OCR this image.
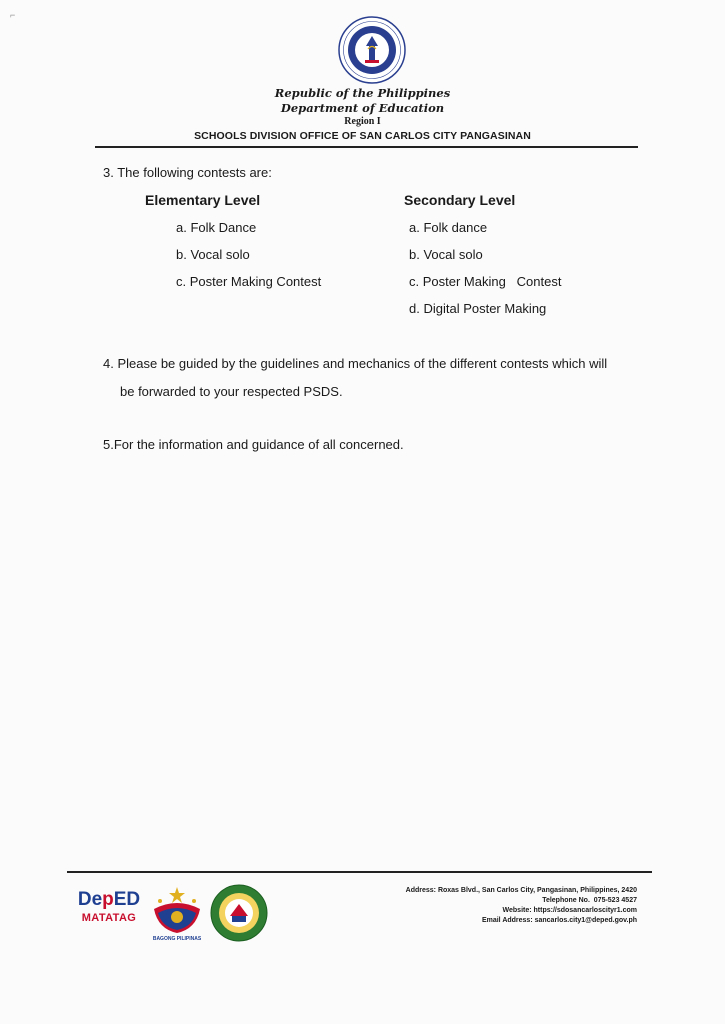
⌐
Republic of the Philippines
Department of Education
Region I
SCHOOLS DIVISION OFFICE OF SAN CARLOS CITY PANGASINAN
3. The following contests are:
Elementary Level
a. Folk Dance
b. Vocal solo
c. Poster Making Contest
Secondary Level
a. Folk dance
b. Vocal solo
c. Poster Making   Contest
d. Digital Poster Making
4. Please be guided by the guidelines and mechanics of the different contests which will
be forwarded to your respected PSDS.
5.For the information and guidance of all concerned.
DepED
MATATAG
BAGONG PILIPINAS
Address: Roxas Blvd., San Carlos City, Pangasinan, Philippines, 2420
Telephone No.  075-523 4527
Website: https://sdosancarloscityr1.com
Email Address: sancarlos.city1@deped.gov.ph
